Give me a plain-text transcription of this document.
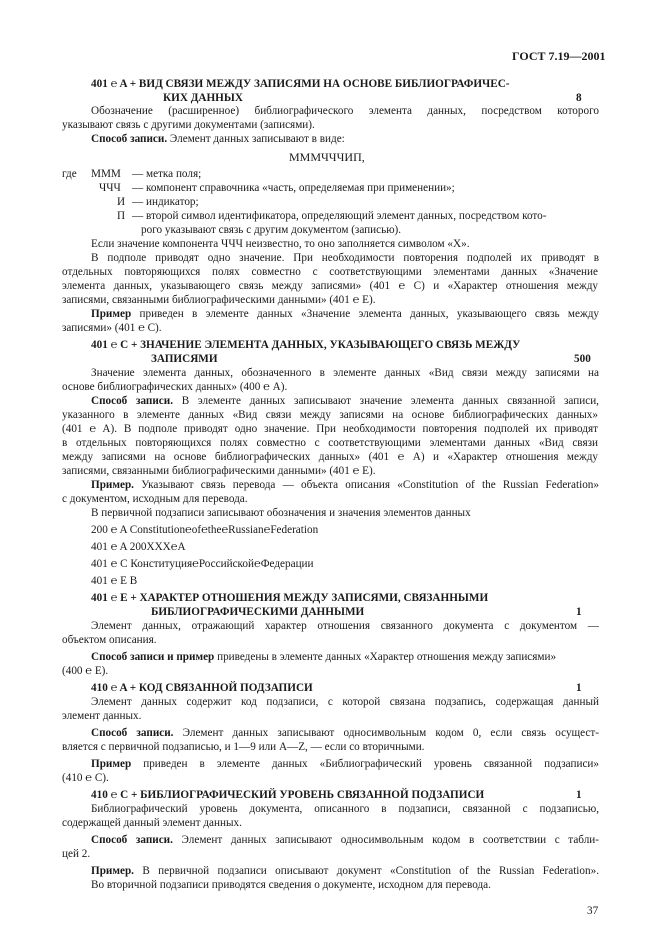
ГОСТ 7.19—2001
401 ℮ A + ВИД СВЯЗИ МЕЖДУ ЗАПИСЯМИ НА ОСНОВЕ БИБЛИОГРАФИЧЕС-
КИХ ДАННЫХ	8
Обозначение (расширенное) библиографического элемента данных, посредством которого
указывают связь с другими документами (записями).
Способ записи. Элемент данных записывают в виде:
МММЧЧЧИП,
где МММ — метка поля;
ЧЧЧ — компонент справочника «часть, определяемая при применении»;
И — индикатор;
П — второй символ идентификатора, определяющий элемент данных, посредством кото-
рого указывают связь с другим документом (записью).
Если значение компонента ЧЧЧ неизвестно, то оно заполняется символом «Х».
В подполе приводят одно значение. При необходимости повторения подполей их приводят в
отдельных повторяющихся полях совместно с соответствующими элементами данных «Значение
элемента данных, указывающего связь между записями» (401 ℮ C) и «Характер отношения между
записями, связанными библиографическими данными» (401 ℮ E).
Пример приведен в элементе данных «Значение элемента данных, указывающего связь между
записями» (401 ℮ C).
401 ℮ C + ЗНАЧЕНИЕ ЭЛЕМЕНТА ДАННЫХ, УКАЗЫВАЮЩЕГО СВЯЗЬ МЕЖДУ
ЗАПИСЯМИ	500
Значение элемента данных, обозначенного в элементе данных «Вид связи между записями на
основе библиографических данных» (400 ℮ A).
Способ записи. В элементе данных записывают значение элемента данных связанной записи,
указанного в элементе данных «Вид связи между записями на основе библиографических данных»
(401 ℮ A). В подполе приводят одно значение. При необходимости повторения подполей их приводят
в отдельных повторяющихся полях совместно с соответствующими элементами данных «Вид связи
между записями на основе библиографических данных» (401 ℮ A) и «Характер отношения между
записями, связанными библиографическими данными» (401 ℮ E).
Пример. Указывают связь перевода — объекта описания «Constitution of the Russian Federation»
с документом, исходным для перевода.
В первичной подзаписи записывают обозначения и значения элементов данных
200 ℮ A Constitution℮of℮the℮Russian℮Federation
401 ℮ A 200XXX℮A
401 ℮ C Конституция℮Российской℮Федерации
401 ℮ E B
401 ℮ E + ХАРАКТЕР ОТНОШЕНИЯ МЕЖДУ ЗАПИСЯМИ, СВЯЗАННЫМИ
БИБЛИОГРАФИЧЕСКИМИ ДАННЫМИ	1
Элемент данных, отражающий характер отношения связанного документа с документом —
объектом описания.
Способ записи и пример приведены в элементе данных «Характер отношения между записями»
(400 ℮ E).
410 ℮ A + КОД СВЯЗАННОЙ ПОДЗАПИСИ	1
Элемент данных содержит код подзаписи, с которой связана подзапись, содержащая данный
элемент данных.
Способ записи. Элемент данных записывают односимвольным кодом 0, если связь осущест-
вляется с первичной подзаписью, и 1—9 или A—Z, — если со вторичными.
Пример приведен в элементе данных «Библиографический уровень связанной подзаписи»
(410 ℮ C).
410 ℮ C + БИБЛИОГРАФИЧЕСКИЙ УРОВЕНЬ СВЯЗАННОЙ ПОДЗАПИСИ	1
Библиографический уровень документа, описанного в подзаписи, связанной с подзаписью,
содержащей данный элемент данных.
Способ записи. Элемент данных записывают односимвольным кодом в соответствии с табли-
цей 2.
Пример. В первичной подзаписи описывают документ «Constitution of the Russian Federation».
Во вторичной подзаписи приводятся сведения о документе, исходном для перевода.
37
